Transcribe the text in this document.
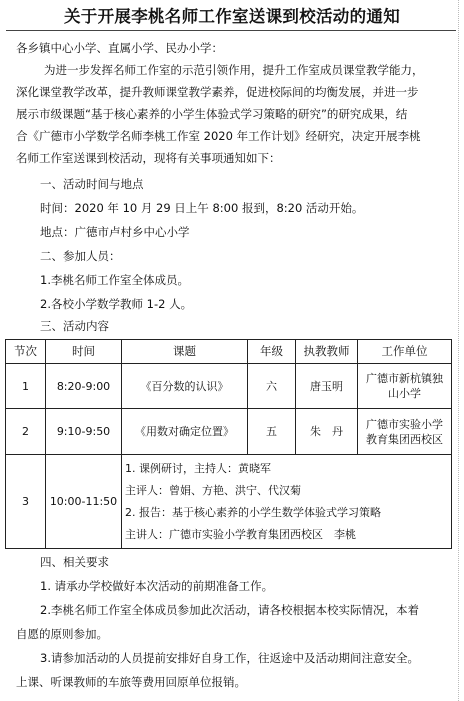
关于开展李桃名师工作室送课到校活动的通知
各乡镇中心小学、直属小学、民办小学：
为进一步发挥名师工作室的示范引领作用，提升工作室成员课堂教学能力，
深化课堂教学改革，提升教师课堂教学素养，促进校际间的均衡发展，并进一步
展示市级课题“基于核心素养的小学生体验式学习策略的研究”的研究成果，结
合《广德市小学数学名师李桃工作室 2020 年工作计划》经研究，决定开展李桃
名师工作室送课到校活动，现将有关事项通知如下：
一、活动时间与地点
时间：2020 年 10 月 29 日上午 8:00 报到，8:20 活动开始。
地点：广德市卢村乡中心小学
二、参加人员：
1.李桃名师工作室全体成员。
2.各校小学数学教师 1-2 人。
三、活动内容
节次	时间	课题	年级	执教教师	工作单位
1	8:20-9:00	《百分数的认识》	六	唐玉明	广德市新杭镇独
山小学

2	9:10-9:50	《用数对确定位置》	五	朱　丹	广德市实验小学
教育集团西校区

3	10:00-11:50	1. 课例研讨，主持人：黄晓军
主评人：曾娟、方艳、洪宁、代汉菊
2. 报告：基于核心素养的小学生数学体验式学习策略
主讲人：广德市实验小学教育集团西校区　李桃			
四、相关要求
1. 请承办学校做好本次活动的前期准备工作。
2.李桃名师工作室全体成员参加此次活动，请各校根据本校实际情况，本着
自愿的原则参加。
3.请参加活动的人员提前安排好自身工作，往返途中及活动期间注意安全。
上课、听课教师的车旅等费用回原单位报销。
